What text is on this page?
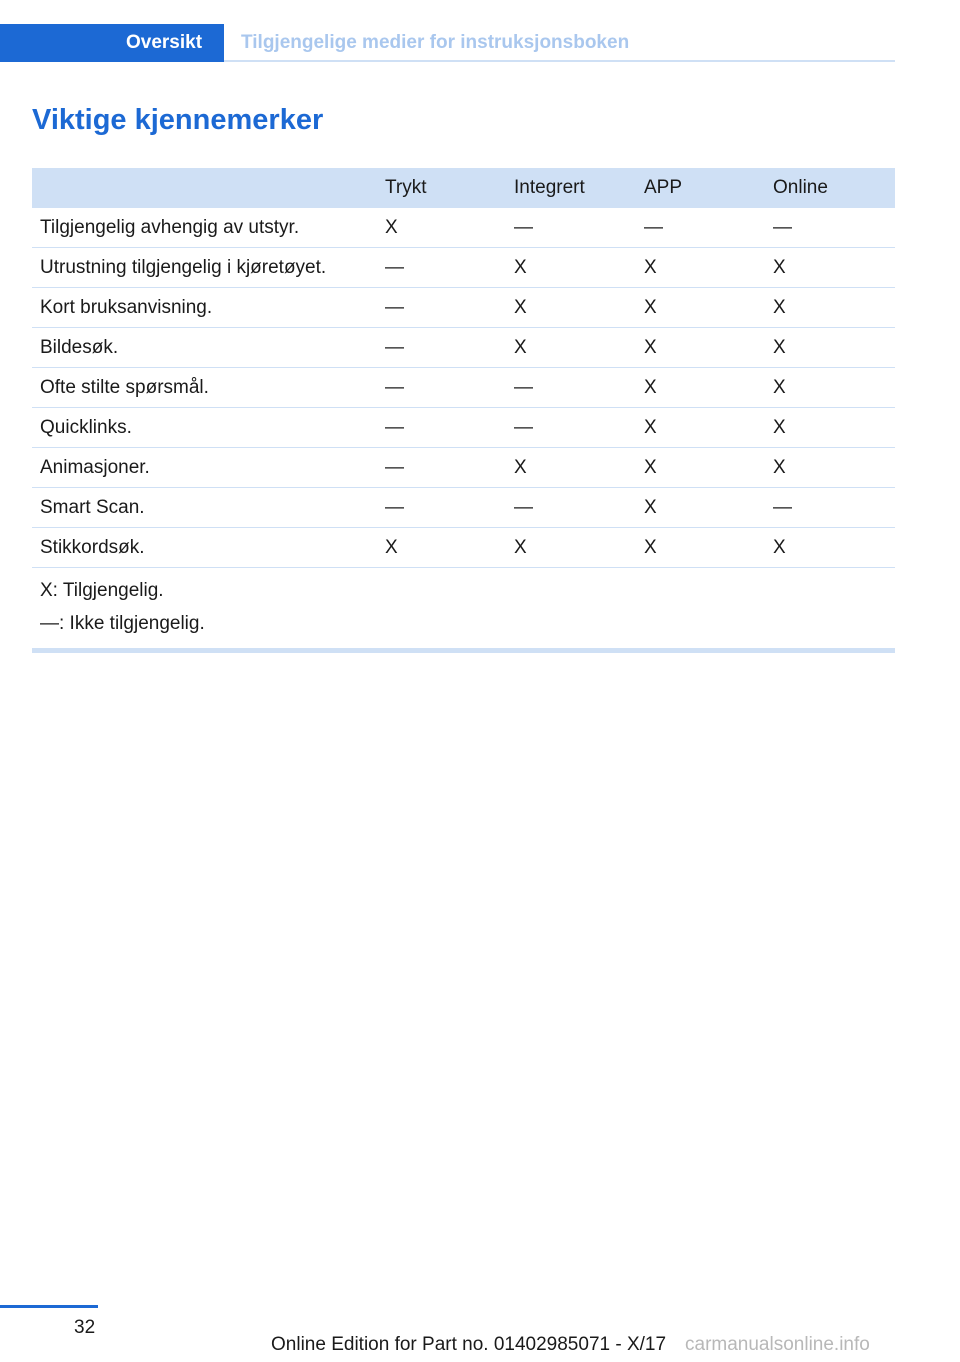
Oversikt	Tilgjengelige medier for instruksjonsboken
Viktige kjennemerker
	Trykt	Integrert	APP	Online
Tilgjengelig avhengig av utstyr.	X	—	—	—
Utrustning tilgjengelig i kjøretøyet.	—	X	X	X
Kort bruksanvisning.	—	X	X	X
Bildesøk.	—	X	X	X
Ofte stilte spørsmål.	—	—	X	X
Quicklinks.	—	—	X	X
Animasjoner.	—	X	X	X
Smart Scan.	—	—	X	—
Stikkordsøk.	X	X	X	X
X: Tilgjengelig.
—: Ikke tilgjengelig.
32
Online Edition for Part no. 01402985071 - X/17 carmanualsonline.info
